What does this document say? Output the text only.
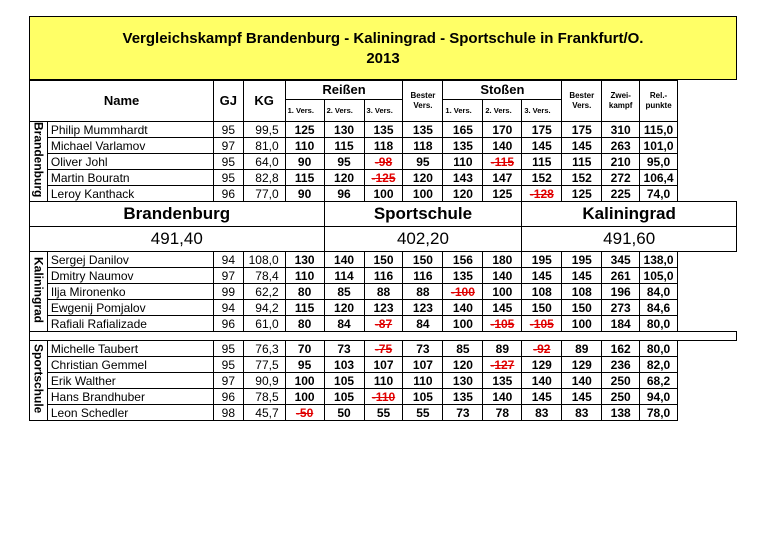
Vergleichskampf Brandenburg - Kaliningrad - Sportschule in Frankfurt/O.
2013
Name		GJ	KG	Reißen			Bester Vers.	Stoßen			Bester Vers.	Zwei-kampf	Rel.-punkte
				1. Vers.	2. Vers.	3. Vers.		1. Vers.	2. Vers.	3. Vers.			
Brandenburg	Philip Mummhardt	95	99,5	125	130	135	135	165	170	175	175	310	115,0
	Michael Varlamov	97	81,0	110	115	118	118	135	140	145	145	263	101,0
	Oliver Johl	95	64,0	90	95	-98	95	110	-115	115	115	210	95,0
	Martin Bouratn	95	82,8	115	120	-125	120	143	147	152	152	272	106,4
	Leroy Kanthack	96	77,0	90	96	100	100	120	125	-128	125	225	74,0
Brandenburg					Sportschule					Kaliningrad			
491,40					402,20					491,60			
Kaliningrad	Sergej Danilov	94	108,0	130	140	150	150	156	180	195	195	345	138,0
	Dmitry Naumov	97	78,4	110	114	116	116	135	140	145	145	261	105,0
	Ilja Mironenko	99	62,2	80	85	88	88	-100	100	108	108	196	84,0
	Ewgenij Pomjalov	94	94,2	115	120	123	123	140	145	150	150	273	84,6
	Rafiali Rafializade	96	61,0	80	84	-87	84	100	-105	-105	100	184	80,0

Sportschule	Michelle Taubert	95	76,3	70	73	-75	73	85	89	-92	89	162	80,0
	Christian Gemmel	95	77,5	95	103	107	107	120	-127	129	129	236	82,0
	Erik Walther	97	90,9	100	105	110	110	130	135	140	140	250	68,2
	Hans Brandhuber	96	78,5	100	105	-110	105	135	140	145	145	250	94,0
	Leon Schedler	98	45,7	-50	50	55	55	73	78	83	83	138	78,0
